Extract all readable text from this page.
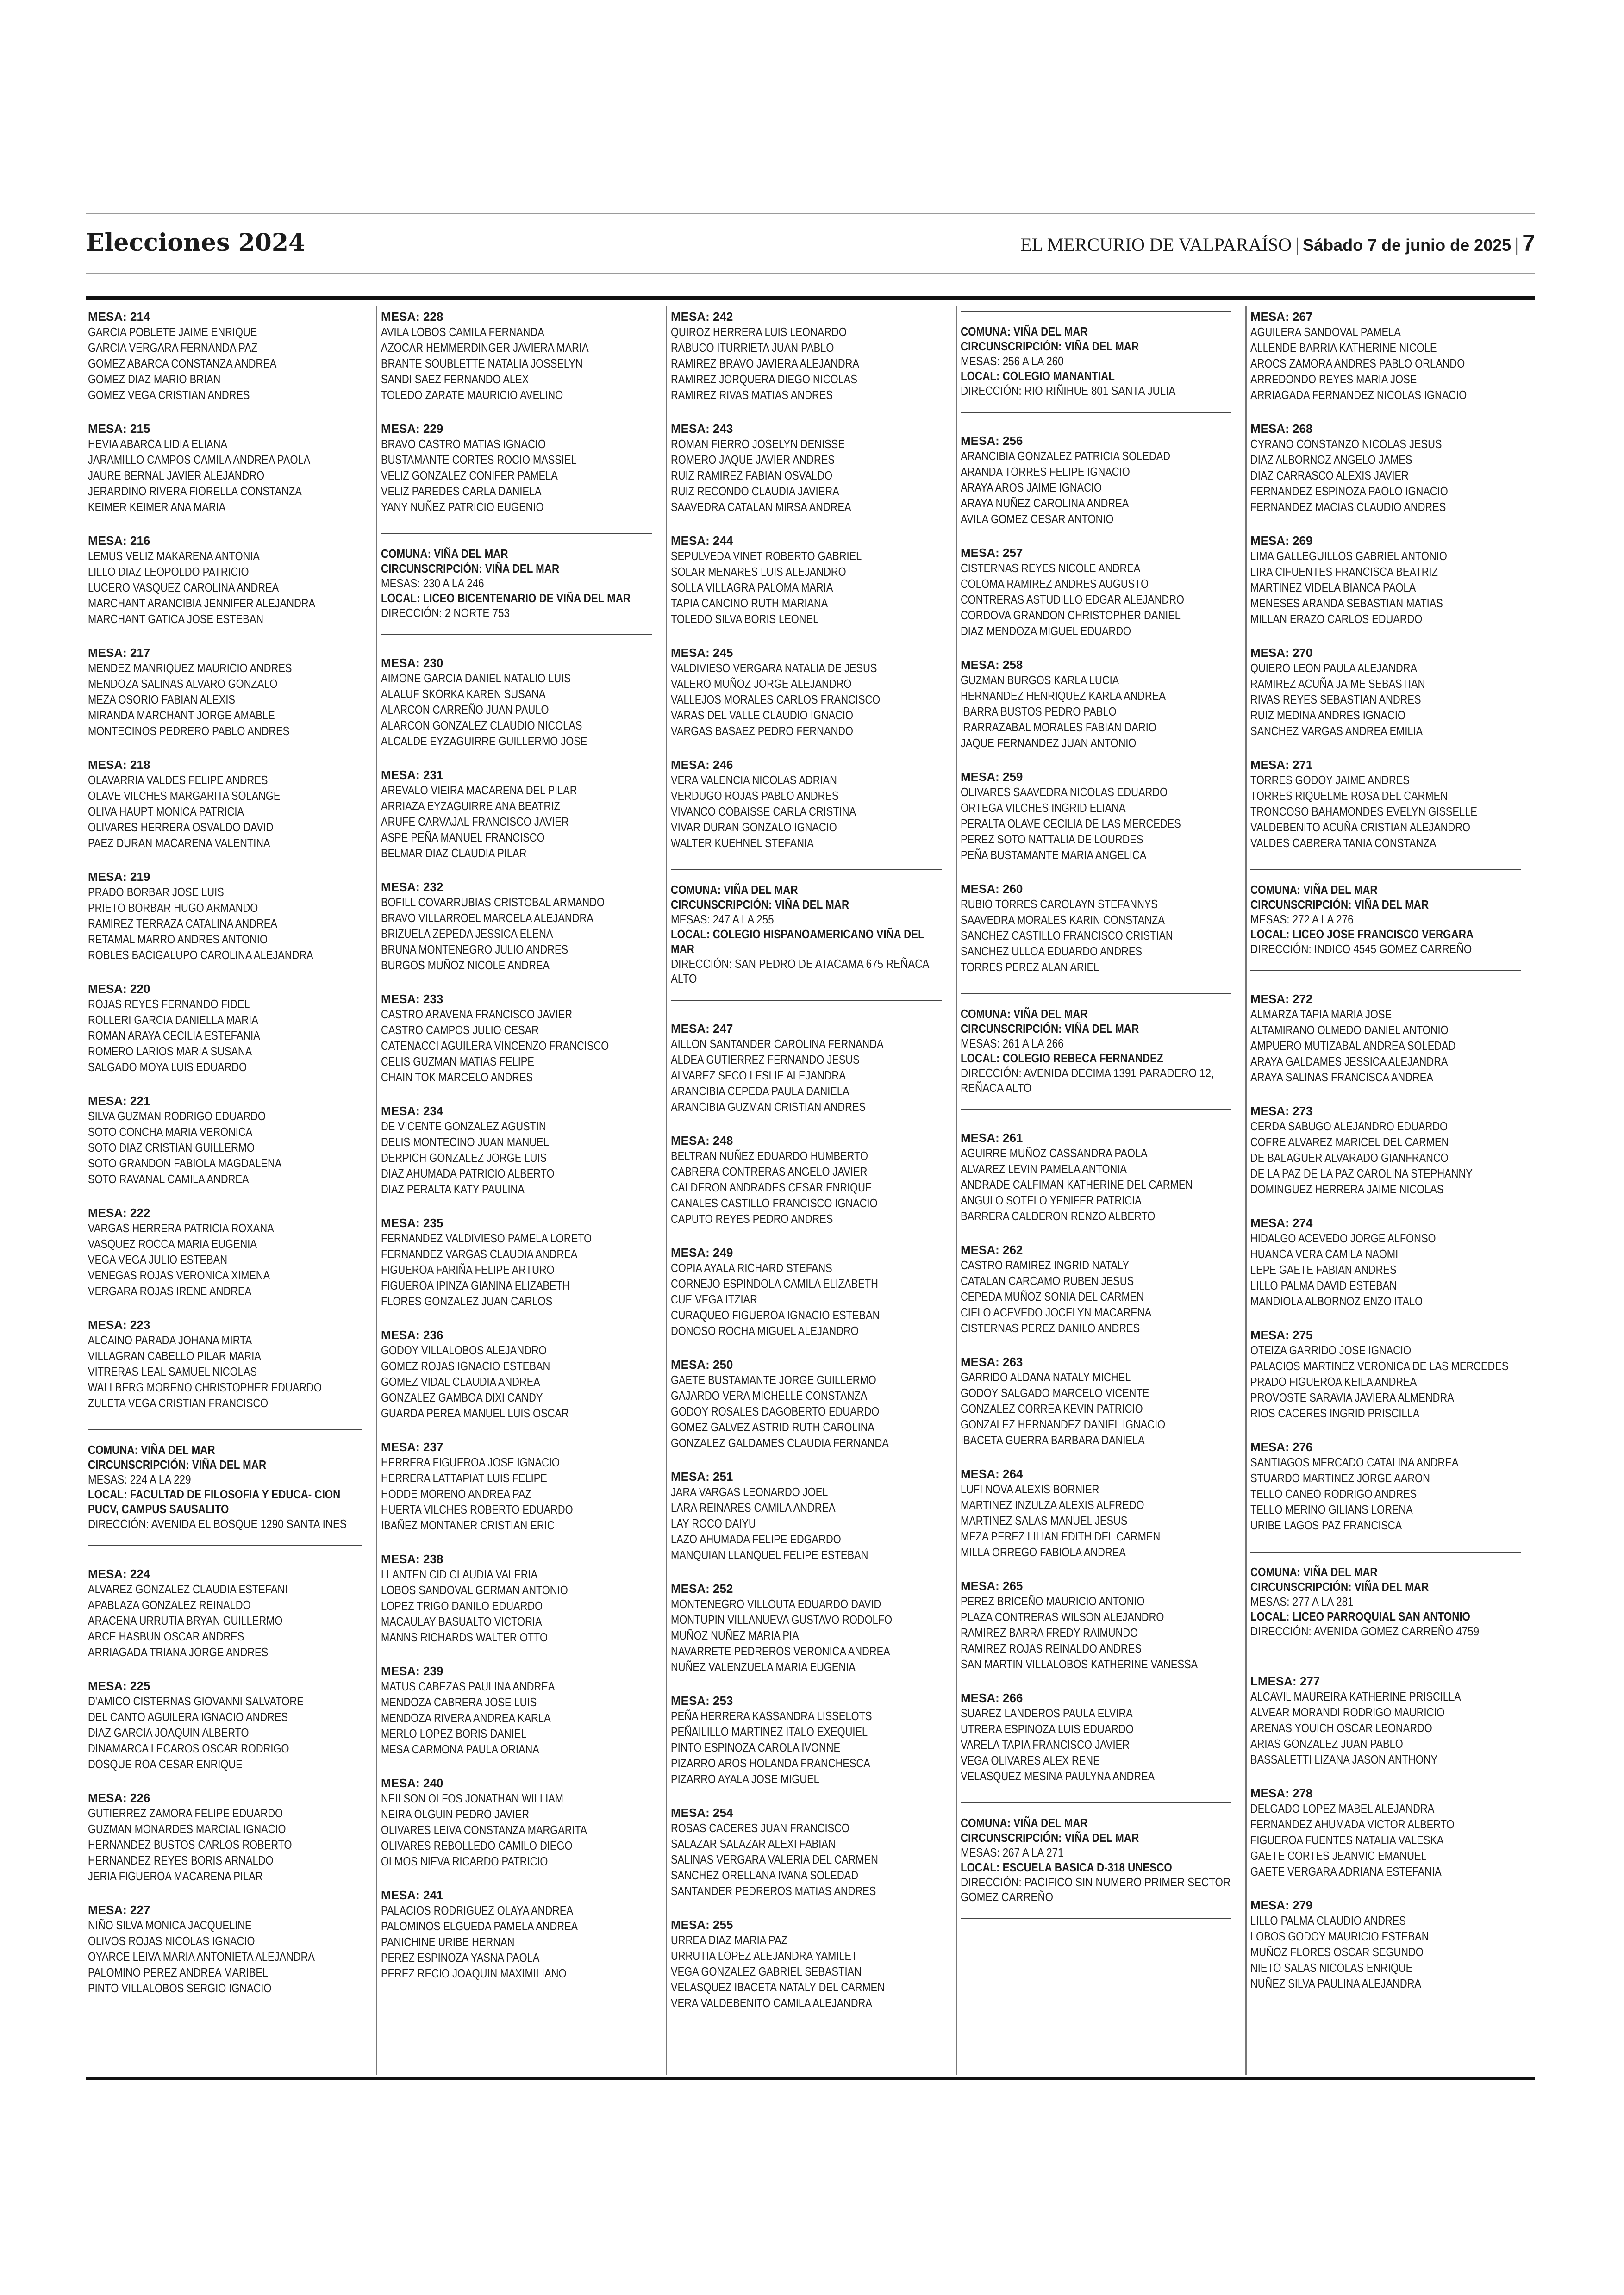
Elecciones 2024	EL MERCURIO DE VALPARAÍSO | Sábado 7 de junio de 2025 | 7
MESA: 214
GARCIA POBLETE JAIME ENRIQUE
GARCIA VERGARA FERNANDA PAZ
GOMEZ ABARCA CONSTANZA ANDREA
GOMEZ DIAZ MARIO BRIAN
GOMEZ VEGA CRISTIAN ANDRES
MESA: 215
HEVIA ABARCA LIDIA ELIANA
JARAMILLO CAMPOS CAMILA ANDREA PAOLA
JAURE BERNAL JAVIER ALEJANDRO
JERARDINO RIVERA FIORELLA CONSTANZA
KEIMER KEIMER ANA MARIA
MESA: 216
LEMUS VELIZ MAKARENA ANTONIA
LILLO DIAZ LEOPOLDO PATRICIO
LUCERO VASQUEZ CAROLINA ANDREA
MARCHANT ARANCIBIA JENNIFER ALEJANDRA
MARCHANT GATICA JOSE ESTEBAN
MESA: 217
MENDEZ MANRIQUEZ MAURICIO ANDRES
MENDOZA SALINAS ALVARO GONZALO
MEZA OSORIO FABIAN ALEXIS
MIRANDA MARCHANT JORGE AMABLE
MONTECINOS PEDRERO PABLO ANDRES
MESA: 218
OLAVARRIA VALDES FELIPE ANDRES
OLAVE VILCHES MARGARITA SOLANGE
OLIVA HAUPT MONICA PATRICIA
OLIVARES HERRERA OSVALDO DAVID
PAEZ DURAN MACARENA VALENTINA
MESA: 219
PRADO BORBAR JOSE LUIS
PRIETO BORBAR HUGO ARMANDO
RAMIREZ TERRAZA CATALINA ANDREA
RETAMAL MARRO ANDRES ANTONIO
ROBLES BACIGALUPO CAROLINA ALEJANDRA
MESA: 220
ROJAS REYES FERNANDO FIDEL
ROLLERI GARCIA DANIELLA MARIA
ROMAN ARAYA CECILIA ESTEFANIA
ROMERO LARIOS MARIA SUSANA
SALGADO MOYA LUIS EDUARDO
MESA: 221
SILVA GUZMAN RODRIGO EDUARDO
SOTO CONCHA MARIA VERONICA
SOTO DIAZ CRISTIAN GUILLERMO
SOTO GRANDON FABIOLA MAGDALENA
SOTO RAVANAL CAMILA ANDREA
MESA: 222
VARGAS HERRERA PATRICIA ROXANA
VASQUEZ ROCCA MARIA EUGENIA
VEGA VEGA JULIO ESTEBAN
VENEGAS ROJAS VERONICA XIMENA
VERGARA ROJAS IRENE ANDREA
MESA: 223
ALCAINO PARADA JOHANA MIRTA
VILLAGRAN CABELLO PILAR MARIA
VITRERAS LEAL SAMUEL NICOLAS
WALLBERG MORENO CHRISTOPHER EDUARDO
ZULETA VEGA CRISTIAN FRANCISCO
COMUNA: VIÑA DEL MAR
CIRCUNSCRIPCIÓN: VIÑA DEL MAR
MESAS: 224 A LA 229
LOCAL: FACULTAD DE FILOSOFIA Y EDUCA- CION PUCV, CAMPUS SAUSALITO
DIRECCIÓN: AVENIDA EL BOSQUE 1290 SANTA INES
MESA: 224
ALVAREZ GONZALEZ CLAUDIA ESTEFANI
APABLAZA GONZALEZ REINALDO
ARACENA URRUTIA BRYAN GUILLERMO
ARCE HASBUN OSCAR ANDRES
ARRIAGADA TRIANA JORGE ANDRES
MESA: 225
D'AMICO CISTERNAS GIOVANNI SALVATORE
DEL CANTO AGUILERA IGNACIO ANDRES
DIAZ GARCIA JOAQUIN ALBERTO
DINAMARCA LECAROS OSCAR RODRIGO
DOSQUE ROA CESAR ENRIQUE
MESA: 226
GUTIERREZ ZAMORA FELIPE EDUARDO
GUZMAN MONARDES MARCIAL IGNACIO
HERNANDEZ BUSTOS CARLOS ROBERTO
HERNANDEZ REYES BORIS ARNALDO
JERIA FIGUEROA MACARENA PILAR
MESA: 227
NIÑO SILVA MONICA JACQUELINE
OLIVOS ROJAS NICOLAS IGNACIO
OYARCE LEIVA MARIA ANTONIETA ALEJANDRA
PALOMINO PEREZ ANDREA MARIBEL
PINTO VILLALOBOS SERGIO IGNACIO
MESA: 228
AVILA LOBOS CAMILA FERNANDA
AZOCAR HEMMERDINGER JAVIERA MARIA
BRANTE SOUBLETTE NATALIA JOSSELYN
SANDI SAEZ FERNANDO ALEX
TOLEDO ZARATE MAURICIO AVELINO
MESA: 229
BRAVO CASTRO MATIAS IGNACIO
BUSTAMANTE CORTES ROCIO MASSIEL
VELIZ GONZALEZ CONIFER PAMELA
VELIZ PAREDES CARLA DANIELA
YANY NUÑEZ PATRICIO EUGENIO
COMUNA: VIÑA DEL MAR
CIRCUNSCRIPCIÓN: VIÑA DEL MAR
MESAS: 230 A LA 246
LOCAL: LICEO BICENTENARIO DE VIÑA DEL MAR
DIRECCIÓN: 2 NORTE 753
MESA: 230
AIMONE GARCIA DANIEL NATALIO LUIS
ALALUF SKORKA KAREN SUSANA
ALARCON CARREÑO JUAN PAULO
ALARCON GONZALEZ CLAUDIO NICOLAS
ALCALDE EYZAGUIRRE GUILLERMO JOSE
MESA: 231
AREVALO VIEIRA MACARENA DEL PILAR
ARRIAZA EYZAGUIRRE ANA BEATRIZ
ARUFE CARVAJAL FRANCISCO JAVIER
ASPE PEÑA MANUEL FRANCISCO
BELMAR DIAZ CLAUDIA PILAR
MESA: 232
BOFILL COVARRUBIAS CRISTOBAL ARMANDO
BRAVO VILLARROEL MARCELA ALEJANDRA
BRIZUELA ZEPEDA JESSICA ELENA
BRUNA MONTENEGRO JULIO ANDRES
BURGOS MUÑOZ NICOLE ANDREA
MESA: 233
CASTRO ARAVENA FRANCISCO JAVIER
CASTRO CAMPOS JULIO CESAR
CATENACCI AGUILERA VINCENZO FRANCISCO
CELIS GUZMAN MATIAS FELIPE
CHAIN TOK MARCELO ANDRES
MESA: 234
DE VICENTE GONZALEZ AGUSTIN
DELIS MONTECINO JUAN MANUEL
DERPICH GONZALEZ JORGE LUIS
DIAZ AHUMADA PATRICIO ALBERTO
DIAZ PERALTA KATY PAULINA
MESA: 235
FERNANDEZ VALDIVIESO PAMELA LORETO
FERNANDEZ VARGAS CLAUDIA ANDREA
FIGUEROA FARIÑA FELIPE ARTURO
FIGUEROA IPINZA GIANINA ELIZABETH
FLORES GONZALEZ JUAN CARLOS
MESA: 236
GODOY VILLALOBOS ALEJANDRO
GOMEZ ROJAS IGNACIO ESTEBAN
GOMEZ VIDAL CLAUDIA ANDREA
GONZALEZ GAMBOA DIXI CANDY
GUARDA PEREA MANUEL LUIS OSCAR
MESA: 237
HERRERA FIGUEROA JOSE IGNACIO
HERRERA LATTAPIAT LUIS FELIPE
HODDE MORENO ANDREA PAZ
HUERTA VILCHES ROBERTO EDUARDO
IBAÑEZ MONTANER CRISTIAN ERIC
MESA: 238
LLANTEN CID CLAUDIA VALERIA
LOBOS SANDOVAL GERMAN ANTONIO
LOPEZ TRIGO DANILO EDUARDO
MACAULAY BASUALTO VICTORIA
MANNS RICHARDS WALTER OTTO
MESA: 239
MATUS CABEZAS PAULINA ANDREA
MENDOZA CABRERA JOSE LUIS
MENDOZA RIVERA ANDREA KARLA
MERLO LOPEZ BORIS DANIEL
MESA CARMONA PAULA ORIANA
MESA: 240
NEILSON OLFOS JONATHAN WILLIAM
NEIRA OLGUIN PEDRO JAVIER
OLIVARES LEIVA CONSTANZA MARGARITA
OLIVARES REBOLLEDO CAMILO DIEGO
OLMOS NIEVA RICARDO PATRICIO
MESA: 241
PALACIOS RODRIGUEZ OLAYA ANDREA
PALOMINOS ELGUEDA PAMELA ANDREA
PANICHINE URIBE HERNAN
PEREZ ESPINOZA YASNA PAOLA
PEREZ RECIO JOAQUIN MAXIMILIANO
MESA: 242
QUIROZ HERRERA LUIS LEONARDO
RABUCO ITURRIETA JUAN PABLO
RAMIREZ BRAVO JAVIERA ALEJANDRA
RAMIREZ JORQUERA DIEGO NICOLAS
RAMIREZ RIVAS MATIAS ANDRES
MESA: 243
ROMAN FIERRO JOSELYN DENISSE
ROMERO JAQUE JAVIER ANDRES
RUIZ RAMIREZ FABIAN OSVALDO
RUIZ RECONDO CLAUDIA JAVIERA
SAAVEDRA CATALAN MIRSA ANDREA
MESA: 244
SEPULVEDA VINET ROBERTO GABRIEL
SOLAR MENARES LUIS ALEJANDRO
SOLLA VILLAGRA PALOMA MARIA
TAPIA CANCINO RUTH MARIANA
TOLEDO SILVA BORIS LEONEL
MESA: 245
VALDIVIESO VERGARA NATALIA DE JESUS
VALERO MUÑOZ JORGE ALEJANDRO
VALLEJOS MORALES CARLOS FRANCISCO
VARAS DEL VALLE CLAUDIO IGNACIO
VARGAS BASAEZ PEDRO FERNANDO
MESA: 246
VERA VALENCIA NICOLAS ADRIAN
VERDUGO ROJAS PABLO ANDRES
VIVANCO COBAISSE CARLA CRISTINA
VIVAR DURAN GONZALO IGNACIO
WALTER KUEHNEL STEFANIA
COMUNA: VIÑA DEL MAR
CIRCUNSCRIPCIÓN: VIÑA DEL MAR
MESAS: 247 A LA 255
LOCAL: COLEGIO HISPANOAMERICANO VIÑA DEL MAR
DIRECCIÓN: SAN PEDRO DE ATACAMA 675 REÑACA ALTO
MESA: 247
AILLON SANTANDER CAROLINA FERNANDA
ALDEA GUTIERREZ FERNANDO JESUS
ALVAREZ SECO LESLIE ALEJANDRA
ARANCIBIA CEPEDA PAULA DANIELA
ARANCIBIA GUZMAN CRISTIAN ANDRES
MESA: 248
BELTRAN NUÑEZ EDUARDO HUMBERTO
CABRERA CONTRERAS ANGELO JAVIER
CALDERON ANDRADES CESAR ENRIQUE
CANALES CASTILLO FRANCISCO IGNACIO
CAPUTO REYES PEDRO ANDRES
MESA: 249
COPIA AYALA RICHARD STEFANS
CORNEJO ESPINDOLA CAMILA ELIZABETH
CUE VEGA ITZIAR
CURAQUEO FIGUEROA IGNACIO ESTEBAN
DONOSO ROCHA MIGUEL ALEJANDRO
MESA: 250
GAETE BUSTAMANTE JORGE GUILLERMO
GAJARDO VERA MICHELLE CONSTANZA
GODOY ROSALES DAGOBERTO EDUARDO
GOMEZ GALVEZ ASTRID RUTH CAROLINA
GONZALEZ GALDAMES CLAUDIA FERNANDA
MESA: 251
JARA VARGAS LEONARDO JOEL
LARA REINARES CAMILA ANDREA
LAY ROCO DAIYU
LAZO AHUMADA FELIPE EDGARDO
MANQUIAN LLANQUEL FELIPE ESTEBAN
MESA: 252
MONTENEGRO VILLOUTA EDUARDO DAVID
MONTUPIN VILLANUEVA GUSTAVO RODOLFO
MUÑOZ NUÑEZ MARIA PIA
NAVARRETE PEDREROS VERONICA ANDREA
NUÑEZ VALENZUELA MARIA EUGENIA
MESA: 253
PEÑA HERRERA KASSANDRA LISSELOTS
PEÑAILILLO MARTINEZ ITALO EXEQUIEL
PINTO ESPINOZA CAROLA IVONNE
PIZARRO AROS HOLANDA FRANCHESCA
PIZARRO AYALA JOSE MIGUEL
MESA: 254
ROSAS CACERES JUAN FRANCISCO
SALAZAR SALAZAR ALEXI FABIAN
SALINAS VERGARA VALERIA DEL CARMEN
SANCHEZ ORELLANA IVANA SOLEDAD
SANTANDER PEDREROS MATIAS ANDRES
MESA: 255
URREA DIAZ MARIA PAZ
URRUTIA LOPEZ ALEJANDRA YAMILET
VEGA GONZALEZ GABRIEL SEBASTIAN
VELASQUEZ IBACETA NATALY DEL CARMEN
VERA VALDEBENITO CAMILA ALEJANDRA
COMUNA: VIÑA DEL MAR
CIRCUNSCRIPCIÓN: VIÑA DEL MAR
MESAS: 256 A LA 260
LOCAL: COLEGIO MANANTIAL
DIRECCIÓN: RIO RIÑIHUE 801 SANTA JULIA
MESA: 256
ARANCIBIA GONZALEZ PATRICIA SOLEDAD
ARANDA TORRES FELIPE IGNACIO
ARAYA AROS JAIME IGNACIO
ARAYA NUÑEZ CAROLINA ANDREA
AVILA GOMEZ CESAR ANTONIO
MESA: 257
CISTERNAS REYES NICOLE ANDREA
COLOMA RAMIREZ ANDRES AUGUSTO
CONTRERAS ASTUDILLO EDGAR ALEJANDRO
CORDOVA GRANDON CHRISTOPHER DANIEL
DIAZ MENDOZA MIGUEL EDUARDO
MESA: 258
GUZMAN BURGOS KARLA LUCIA
HERNANDEZ HENRIQUEZ KARLA ANDREA
IBARRA BUSTOS PEDRO PABLO
IRARRAZABAL MORALES FABIAN DARIO
JAQUE FERNANDEZ JUAN ANTONIO
MESA: 259
OLIVARES SAAVEDRA NICOLAS EDUARDO
ORTEGA VILCHES INGRID ELIANA
PERALTA OLAVE CECILIA DE LAS MERCEDES
PEREZ SOTO NATTALIA DE LOURDES
PEÑA BUSTAMANTE MARIA ANGELICA
MESA: 260
RUBIO TORRES CAROLAYN STEFANNYS
SAAVEDRA MORALES KARIN CONSTANZA
SANCHEZ CASTILLO FRANCISCO CRISTIAN
SANCHEZ ULLOA EDUARDO ANDRES
TORRES PEREZ ALAN ARIEL
COMUNA: VIÑA DEL MAR
CIRCUNSCRIPCIÓN: VIÑA DEL MAR
MESAS: 261 A LA 266
LOCAL: COLEGIO REBECA FERNANDEZ
DIRECCIÓN: AVENIDA DECIMA 1391 PARADERO 12, REÑACA ALTO
MESA: 261
AGUIRRE MUÑOZ CASSANDRA PAOLA
ALVAREZ LEVIN PAMELA ANTONIA
ANDRADE CALFIMAN KATHERINE DEL CARMEN
ANGULO SOTELO YENIFER PATRICIA
BARRERA CALDERON RENZO ALBERTO
MESA: 262
CASTRO RAMIREZ INGRID NATALY
CATALAN CARCAMO RUBEN JESUS
CEPEDA MUÑOZ SONIA DEL CARMEN
CIELO ACEVEDO JOCELYN MACARENA
CISTERNAS PEREZ DANILO ANDRES
MESA: 263
GARRIDO ALDANA NATALY MICHEL
GODOY SALGADO MARCELO VICENTE
GONZALEZ CORREA KEVIN PATRICIO
GONZALEZ HERNANDEZ DANIEL IGNACIO
IBACETA GUERRA BARBARA DANIELA
MESA: 264
LUFI NOVA ALEXIS BORNIER
MARTINEZ INZULZA ALEXIS ALFREDO
MARTINEZ SALAS MANUEL JESUS
MEZA PEREZ LILIAN EDITH DEL CARMEN
MILLA ORREGO FABIOLA ANDREA
MESA: 265
PEREZ BRICEÑO MAURICIO ANTONIO
PLAZA CONTRERAS WILSON ALEJANDRO
RAMIREZ BARRA FREDY RAIMUNDO
RAMIREZ ROJAS REINALDO ANDRES
SAN MARTIN VILLALOBOS KATHERINE VANESSA
MESA: 266
SUAREZ LANDEROS PAULA ELVIRA
UTRERA ESPINOZA LUIS EDUARDO
VARELA TAPIA FRANCISCO JAVIER
VEGA OLIVARES ALEX RENE
VELASQUEZ MESINA PAULYNA ANDREA
COMUNA: VIÑA DEL MAR
CIRCUNSCRIPCIÓN: VIÑA DEL MAR
MESAS: 267 A LA 271
LOCAL: ESCUELA BASICA D-318 UNESCO
DIRECCIÓN: PACIFICO SIN NUMERO PRIMER SECTOR GOMEZ CARREÑO
MESA: 267
AGUILERA SANDOVAL PAMELA
ALLENDE BARRIA KATHERINE NICOLE
AROCS ZAMORA ANDRES PABLO ORLANDO
ARREDONDO REYES MARIA JOSE
ARRIAGADA FERNANDEZ NICOLAS IGNACIO
MESA: 268
CYRANO CONSTANZO NICOLAS JESUS
DIAZ ALBORNOZ ANGELO JAMES
DIAZ CARRASCO ALEXIS JAVIER
FERNANDEZ ESPINOZA PAOLO IGNACIO
FERNANDEZ MACIAS CLAUDIO ANDRES
MESA: 269
LIMA GALLEGUILLOS GABRIEL ANTONIO
LIRA CIFUENTES FRANCISCA BEATRIZ
MARTINEZ VIDELA BIANCA PAOLA
MENESES ARANDA SEBASTIAN MATIAS
MILLAN ERAZO CARLOS EDUARDO
MESA: 270
QUIERO LEON PAULA ALEJANDRA
RAMIREZ ACUÑA JAIME SEBASTIAN
RIVAS REYES SEBASTIAN ANDRES
RUIZ MEDINA ANDRES IGNACIO
SANCHEZ VARGAS ANDREA EMILIA
MESA: 271
TORRES GODOY JAIME ANDRES
TORRES RIQUELME ROSA DEL CARMEN
TRONCOSO BAHAMONDES EVELYN GISSELLE
VALDEBENITO ACUÑA CRISTIAN ALEJANDRO
VALDES CABRERA TANIA CONSTANZA
COMUNA: VIÑA DEL MAR
CIRCUNSCRIPCIÓN: VIÑA DEL MAR
MESAS: 272 A LA 276
LOCAL: LICEO JOSE FRANCISCO VERGARA
DIRECCIÓN: INDICO 4545 GOMEZ CARREÑO
MESA: 272
ALMARZA TAPIA MARIA JOSE
ALTAMIRANO OLMEDO DANIEL ANTONIO
AMPUERO MUTIZABAL ANDREA SOLEDAD
ARAYA GALDAMES JESSICA ALEJANDRA
ARAYA SALINAS FRANCISCA ANDREA
MESA: 273
CERDA SABUGO ALEJANDRO EDUARDO
COFRE ALVAREZ MARICEL DEL CARMEN
DE BALAGUER ALVARADO GIANFRANCO
DE LA PAZ DE LA PAZ CAROLINA STEPHANNY
DOMINGUEZ HERRERA JAIME NICOLAS
MESA: 274
HIDALGO ACEVEDO JORGE ALFONSO
HUANCA VERA CAMILA NAOMI
LEPE GAETE FABIAN ANDRES
LILLO PALMA DAVID ESTEBAN
MANDIOLA ALBORNOZ ENZO ITALO
MESA: 275
OTEIZA GARRIDO JOSE IGNACIO
PALACIOS MARTINEZ VERONICA DE LAS MERCEDES
PRADO FIGUEROA KEILA ANDREA
PROVOSTE SARAVIA JAVIERA ALMENDRA
RIOS CACERES INGRID PRISCILLA
MESA: 276
SANTIAGOS MERCADO CATALINA ANDREA
STUARDO MARTINEZ JORGE AARON
TELLO CANEO RODRIGO ANDRES
TELLO MERINO GILIANS LORENA
URIBE LAGOS PAZ FRANCISCA
COMUNA: VIÑA DEL MAR
CIRCUNSCRIPCIÓN: VIÑA DEL MAR
MESAS: 277 A LA 281
LOCAL: LICEO PARROQUIAL SAN ANTONIO
DIRECCIÓN: AVENIDA GOMEZ CARREÑO 4759
LMESA: 277
ALCAVIL MAUREIRA KATHERINE PRISCILLA
ALVEAR MORANDI RODRIGO MAURICIO
ARENAS YOUICH OSCAR LEONARDO
ARIAS GONZALEZ JUAN PABLO
BASSALETTI LIZANA JASON ANTHONY
MESA: 278
DELGADO LOPEZ MABEL ALEJANDRA
FERNANDEZ AHUMADA VICTOR ALBERTO
FIGUEROA FUENTES NATALIA VALESKA
GAETE CORTES JEANVIC EMANUEL
GAETE VERGARA ADRIANA ESTEFANIA
MESA: 279
LILLO PALMA CLAUDIO ANDRES
LOBOS GODOY MAURICIO ESTEBAN
MUÑOZ FLORES OSCAR SEGUNDO
NIETO SALAS NICOLAS ENRIQUE
NUÑEZ SILVA PAULINA ALEJANDRA
